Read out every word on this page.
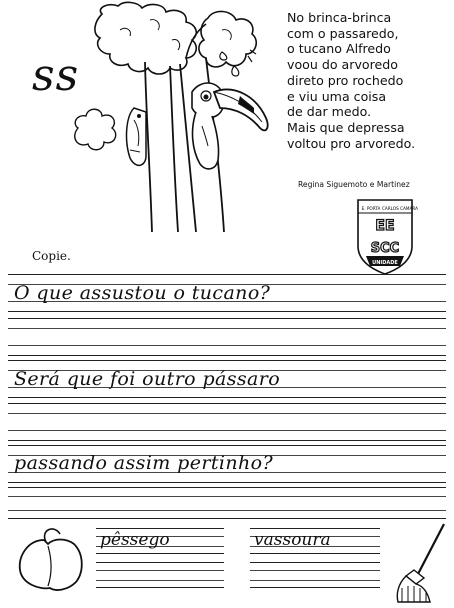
ss
No brinca-brinca
com o passaredo,
o tucano Alfredo
voou do arvoredo
direto pro rochedo
e viu uma coisa
de dar medo.
Mais que depressa
voltou pro arvoredo.
Regina Siguemoto e Martinez
E. PORTA CARLOS CAMARA
EE
SCC
UNIDADE
Copie.
O que assustou o tucano?
Será que foi outro pássaro
passando assim pertinho?
pêssego	vassoura
